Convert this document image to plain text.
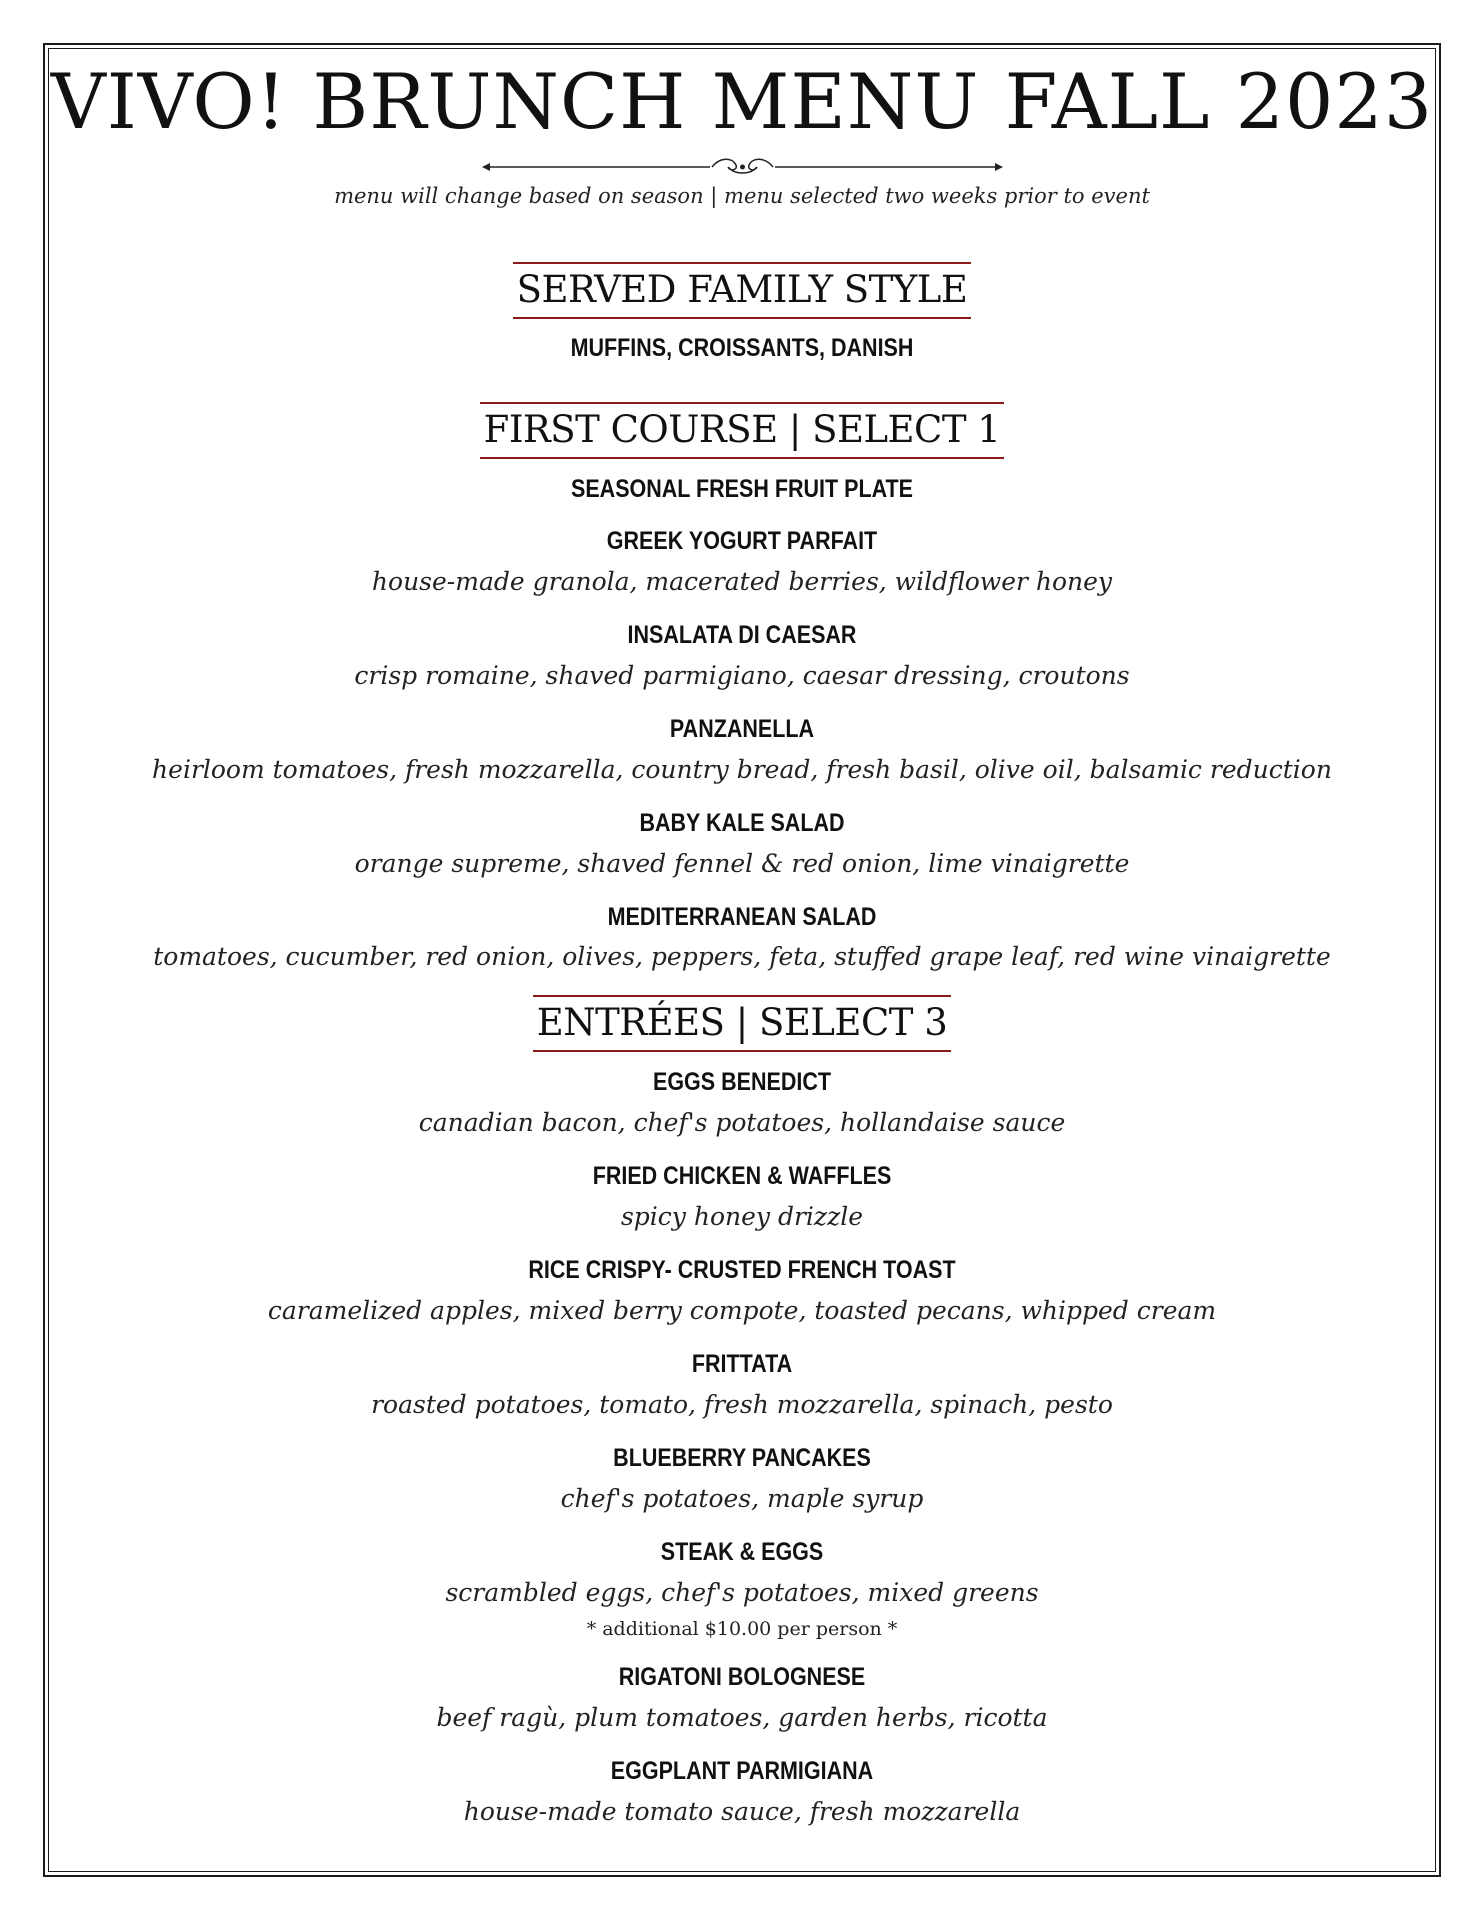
VIVO! BRUNCH MENU FALL 2023
menu will change based on season | menu selected two weeks prior to event
SERVED FAMILY STYLE
MUFFINS, CROISSANTS, DANISH
FIRST COURSE | SELECT 1
SEASONAL FRESH FRUIT PLATE
GREEK YOGURT PARFAIT
house-made granola, macerated berries, wildflower honey
INSALATA DI CAESAR
crisp romaine, shaved parmigiano, caesar dressing, croutons
PANZANELLA
heirloom tomatoes, fresh mozzarella, country bread, fresh basil, olive oil, balsamic reduction
BABY KALE SALAD
orange supreme, shaved fennel & red onion, lime vinaigrette
MEDITERRANEAN SALAD
tomatoes, cucumber, red onion, olives, peppers, feta, stuffed grape leaf, red wine vinaigrette
ENTRÉES | SELECT 3
EGGS BENEDICT
canadian bacon, chef's potatoes, hollandaise sauce
FRIED CHICKEN & WAFFLES
spicy honey drizzle
RICE CRISPY- CRUSTED FRENCH TOAST
caramelized apples, mixed berry compote, toasted pecans, whipped cream
FRITTATA
roasted potatoes, tomato, fresh mozzarella, spinach, pesto
BLUEBERRY PANCAKES
chef's potatoes, maple syrup
STEAK & EGGS
scrambled eggs, chef's potatoes, mixed greens
* additional $10.00 per person *
RIGATONI BOLOGNESE
beef ragù, plum tomatoes, garden herbs, ricotta
EGGPLANT PARMIGIANA
house-made tomato sauce, fresh mozzarella
